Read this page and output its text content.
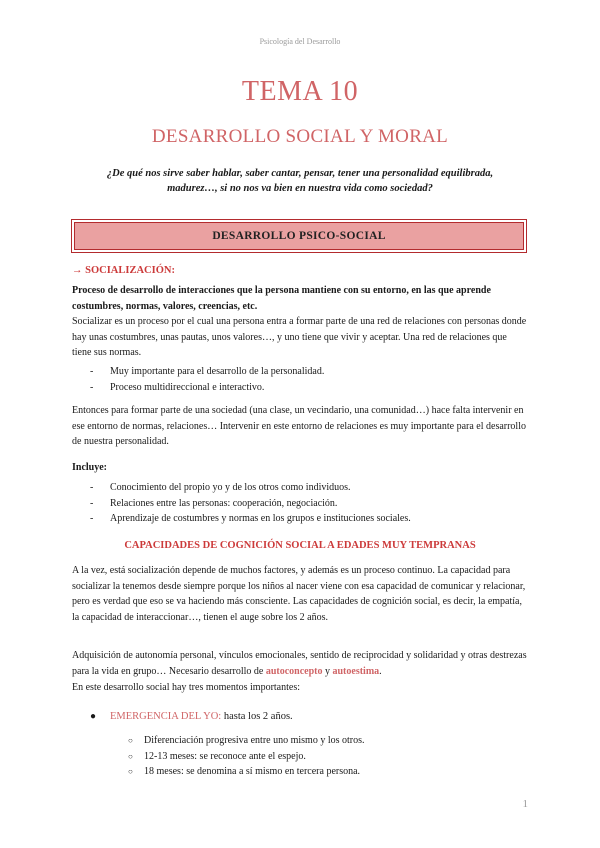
Psicología del Desarrollo
TEMA 10
DESARROLLO SOCIAL Y MORAL
¿De qué nos sirve saber hablar, saber cantar, pensar, tener una personalidad equilibrada, madurez…, si no nos va bien en nuestra vida como sociedad?
DESARROLLO PSICO-SOCIAL
→ SOCIALIZACIÓN:
Proceso de desarrollo de interacciones que la persona mantiene con su entorno, en las que aprende costumbres, normas, valores, creencias, etc.
Socializar es un proceso por el cual una persona entra a formar parte de una red de relaciones con personas donde hay unas costumbres, unas pautas, unos valores…, y uno tiene que vivir y aceptar. Una red de relaciones que tiene sus normas.
- Muy importante para el desarrollo de la personalidad.
- Proceso multidireccional e interactivo.
Entonces para formar parte de una sociedad (una clase, un vecindario, una comunidad…) hace falta intervenir en ese entorno de normas, relaciones… Intervenir en este entorno de relaciones es muy importante para el desarrollo de nuestra personalidad.
Incluye:
- Conocimiento del propio yo y de los otros como individuos.
- Relaciones entre las personas: cooperación, negociación.
- Aprendizaje de costumbres y normas en los grupos e instituciones sociales.
CAPACIDADES DE COGNICIÓN SOCIAL A EDADES MUY TEMPRANAS
A la vez, está socialización depende de muchos factores, y además es un proceso continuo. La capacidad para socializar la tenemos desde siempre porque los niños al nacer viene con esa capacidad de comunicar y relacionar, pero es verdad que eso se va haciendo más consciente. Las capacidades de cognición social, es decir, la empatía, la capacidad de interaccionar…, tienen el auge sobre los 2 años.
Adquisición de autonomía personal, vínculos emocionales, sentido de reciprocidad y solidaridad y otras destrezas para la vida en grupo… Necesario desarrollo de autoconcepto y autoestima.
En este desarrollo social hay tres momentos importantes:
●	EMERGENCIA DEL YO: hasta los 2 años.
○ Diferenciación progresiva entre uno mismo y los otros.
○ 12-13 meses: se reconoce ante el espejo.
○ 18 meses: se denomina a sí mismo en tercera persona.
1
